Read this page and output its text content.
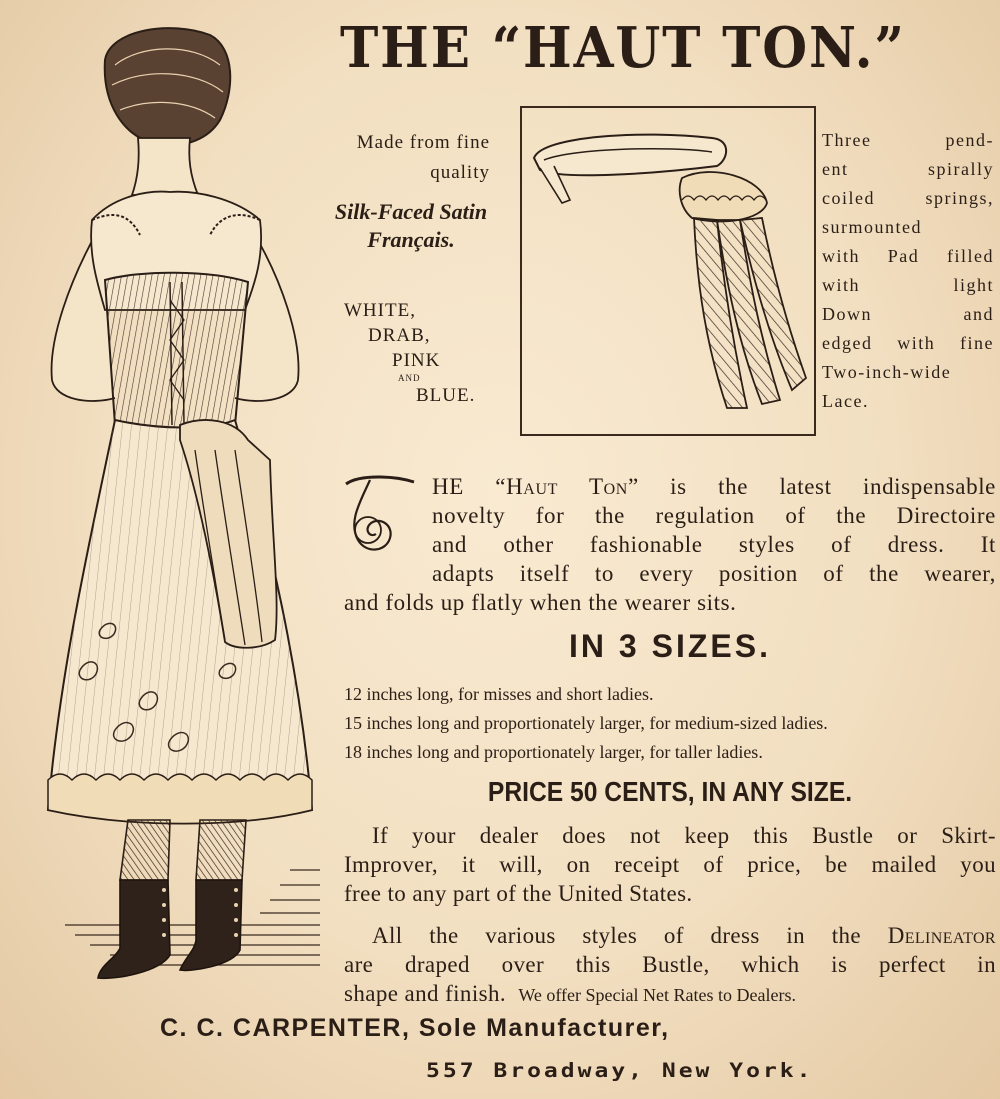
THE “HAUT TON.”
Made from fine quality
Silk-Faced Satin Français.
WHITE,
DRAB,
PINK
AND
BLUE.
Three pend-
ent spirally
coiled springs,
surmounted
with Pad filled
with light
Down and
edged with fine
Two-inch-wide
Lace.
HE “Haut Ton” is the latest indispensable
novelty for the regulation of the Directoire
and other fashionable styles of dress. It
adapts itself to every position of the wearer,
and folds up flatly when the wearer sits.
IN 3 SIZES.
12 inches long, for misses and short ladies.
15 inches long and proportionately larger, for medium-sized ladies.
18 inches long and proportionately larger, for taller ladies.
PRICE 50 CENTS, IN ANY SIZE.
If your dealer does not keep this Bustle or Skirt-
Improver, it will, on receipt of price, be mailed you
free to any part of the United States.
All the various styles of dress in the Delineator
are draped over this Bustle, which is perfect in
shape and finish. We offer Special Net Rates to Dealers.
C. C. CARPENTER, Sole Manufacturer,
557 Broadway, New York.
